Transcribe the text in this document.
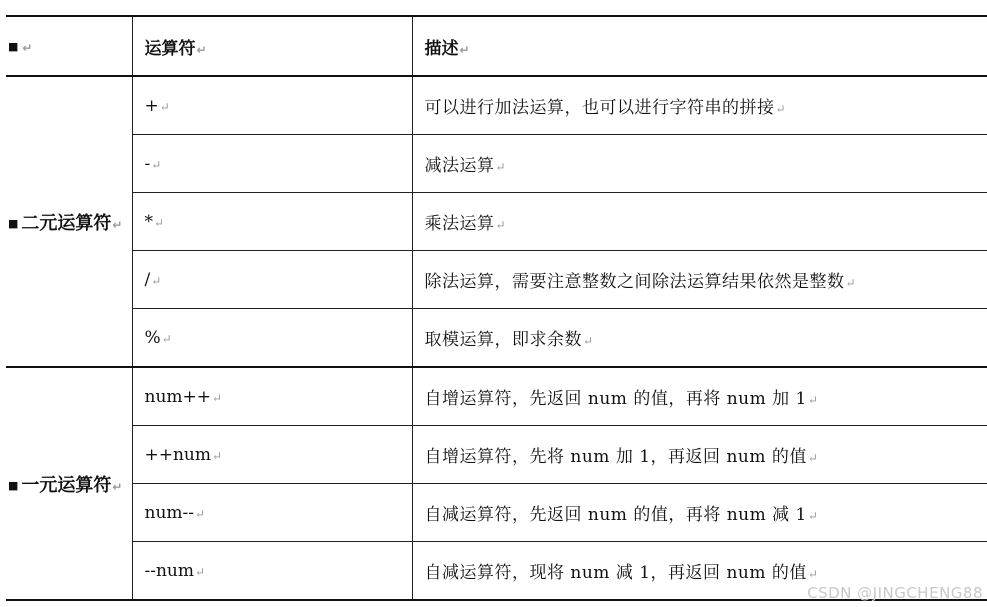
■ ↵	运算符↵	描述↵
■ 二元运算符↵	+↵	可以进行加法运算，也可以进行字符串的拼接↵
	-↵	减法运算↵
	*↵	乘法运算↵
	/↵	除法运算，需要注意整数之间除法运算结果依然是整数↵
	%↵	取模运算，即求余数↵
■ 一元运算符↵	num++↵	自增运算符，先返回 num 的值，再将 num 加 1↵
	++num↵	自增运算符，先将 num 加 1，再返回 num 的值↵
	num--↵	自减运算符，先返回 num 的值，再将 num 减 1↵
	--num↵	自减运算符，现将 num 减 1，再返回 num 的值↵
CSDN @JINGCHENG88
